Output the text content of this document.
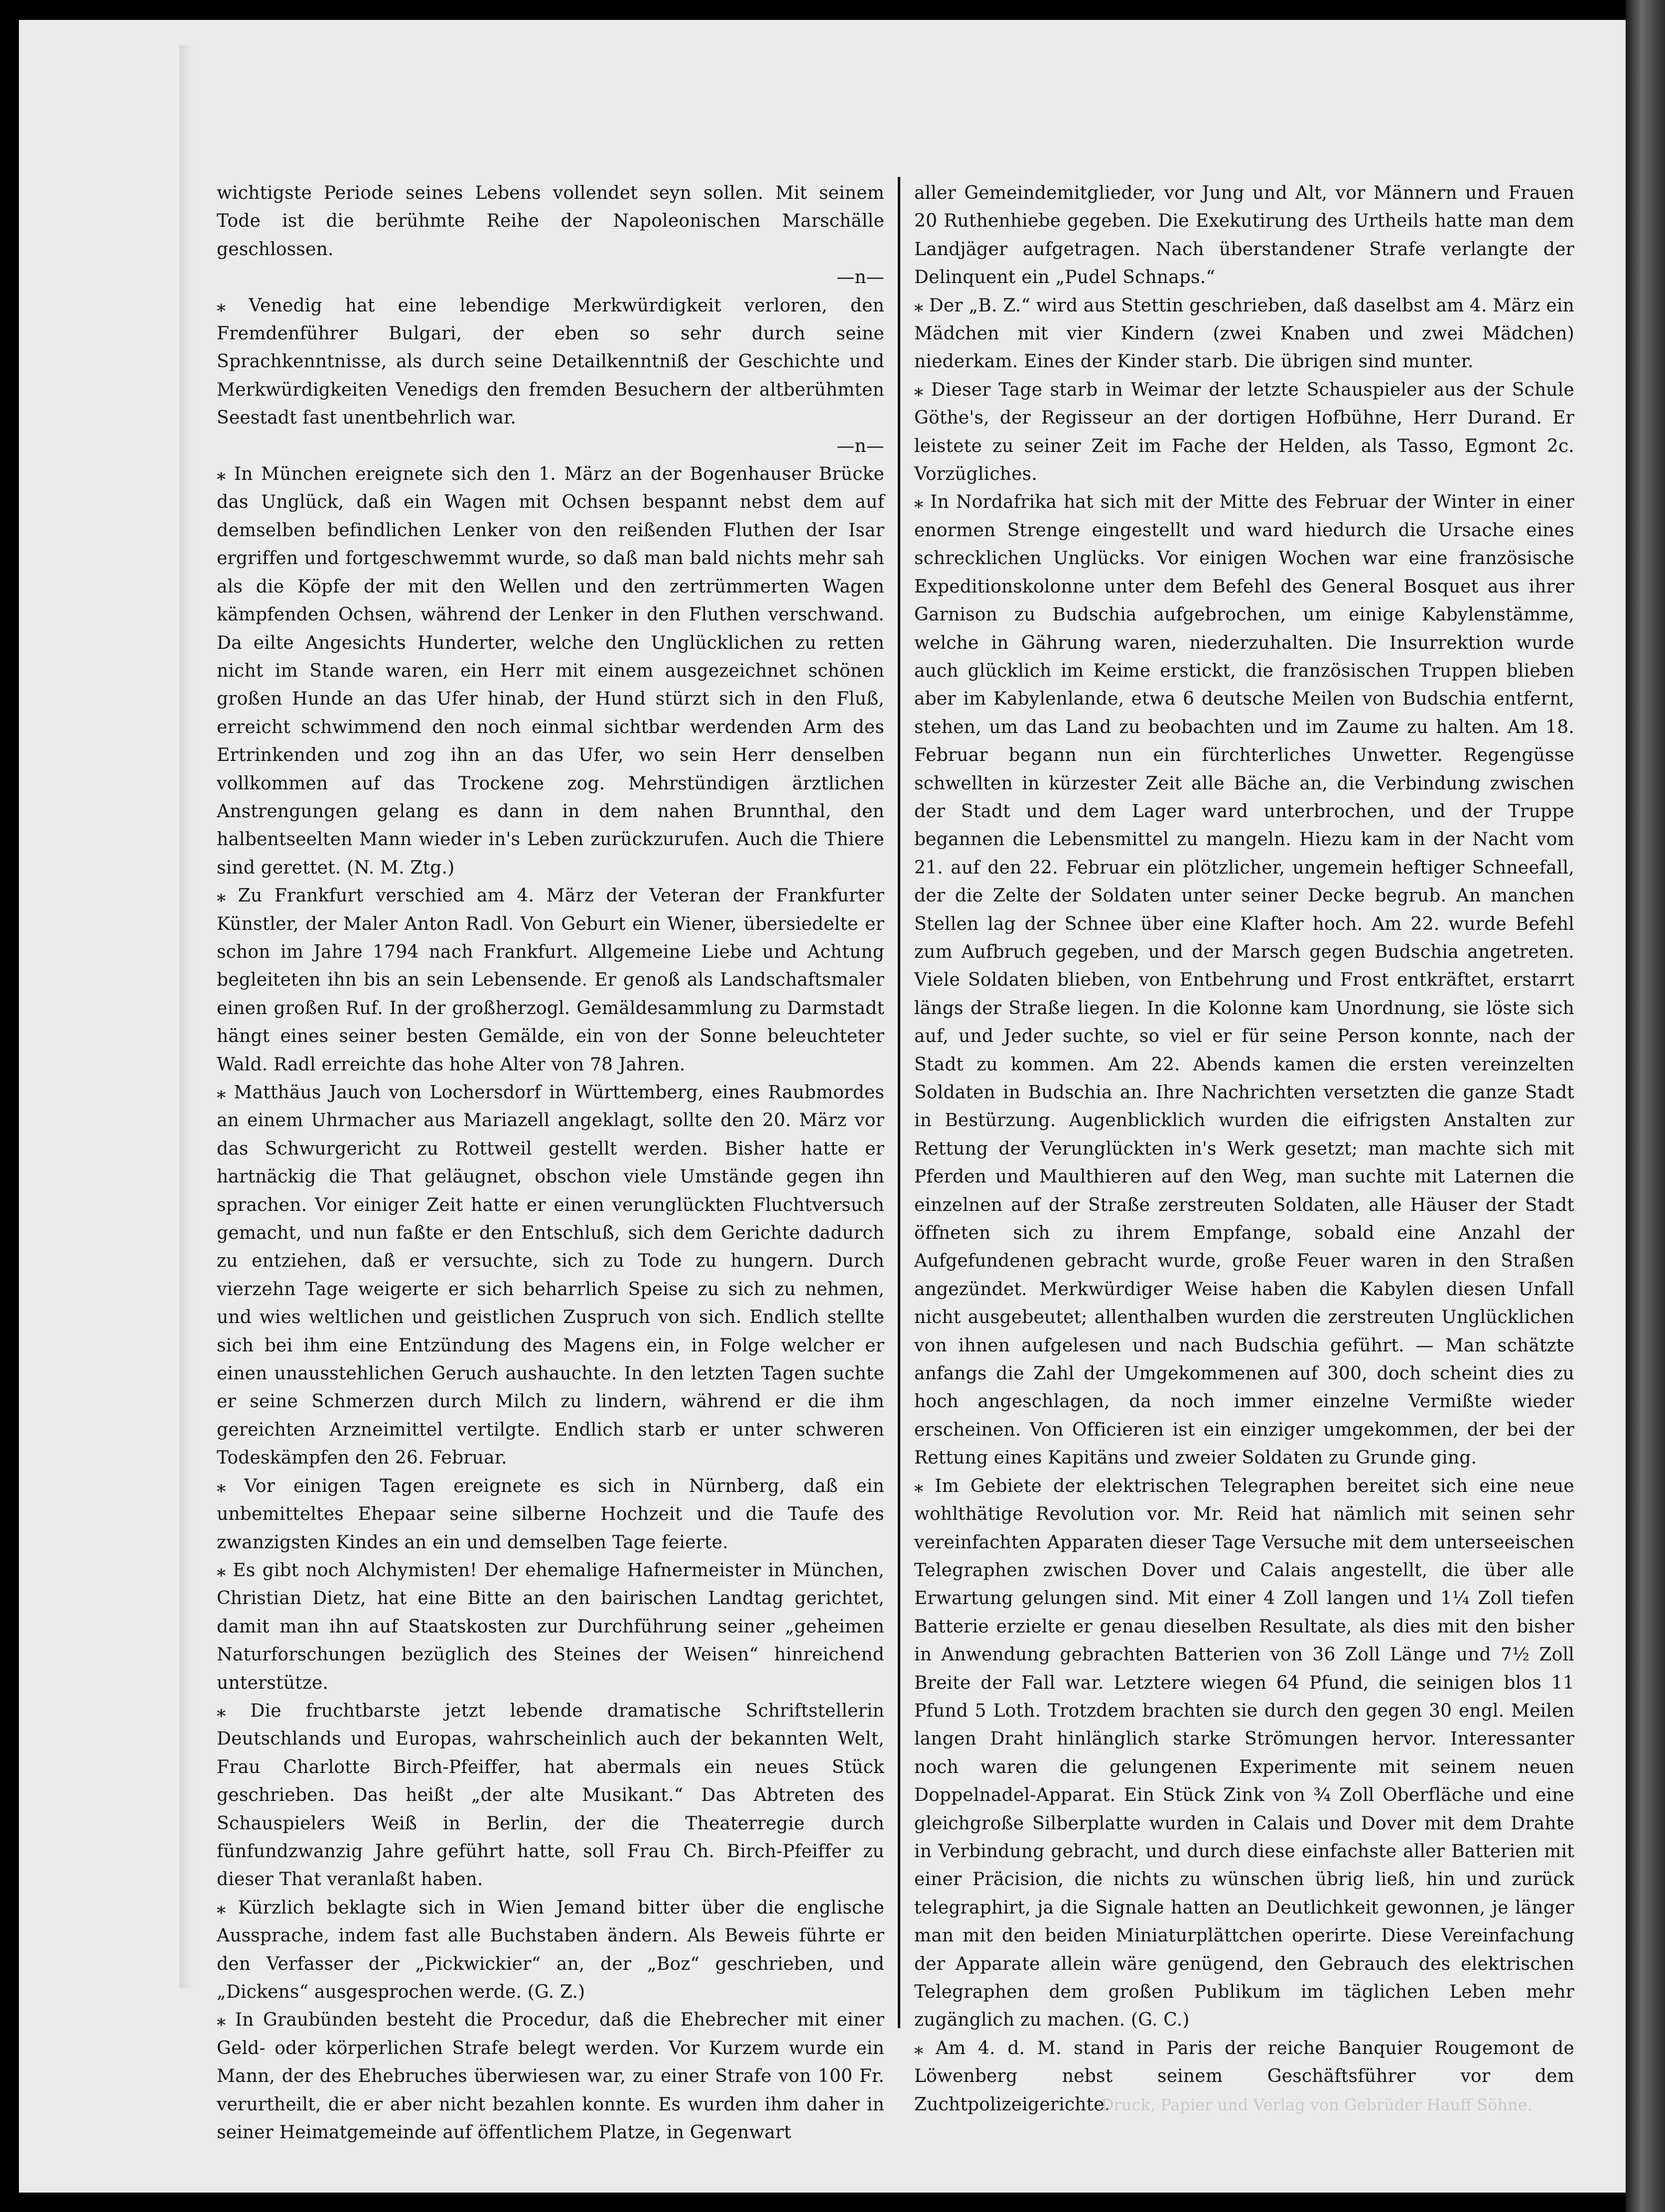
wichtigste Periode seines Lebens vollendet seyn sollen. Mit seinem Tode ist die berühmte Reihe der Napoleonischen Marschälle geschlossen.

—n—

⁎ Venedig hat eine lebendige Merkwürdigkeit verloren, den Fremdenführer Bulgari, der eben so sehr durch seine Sprachkenntnisse, als durch seine Detailkenntniß der Geschichte und Merkwürdigkeiten Venedigs den fremden Besuchern der altberühmten Seestadt fast unentbehrlich war.

—n—

⁎ In München ereignete sich den 1. März an der Bogenhauser Brücke das Unglück, daß ein Wagen mit Ochsen bespannt nebst dem auf demselben befindlichen Lenker von den reißenden Fluthen der Isar ergriffen und fortgeschwemmt wurde, so daß man bald nichts mehr sah als die Köpfe der mit den Wellen und den zertrümmerten Wagen kämpfenden Ochsen, während der Lenker in den Fluthen verschwand. Da eilte Angesichts Hunderter, welche den Unglücklichen zu retten nicht im Stande waren, ein Herr mit einem ausgezeichnet schönen großen Hunde an das Ufer hinab, der Hund stürzt sich in den Fluß, erreicht schwimmend den noch einmal sichtbar werdenden Arm des Ertrinkenden und zog ihn an das Ufer, wo sein Herr denselben vollkommen auf das Trockene zog. Mehrstündigen ärztlichen Anstrengungen gelang es dann in dem nahen Brunnthal, den halbentseelten Mann wieder in's Leben zurückzurufen. Auch die Thiere sind gerettet. (N. M. Ztg.)

⁎ Zu Frankfurt verschied am 4. März der Veteran der Frankfurter Künstler, der Maler Anton Radl. Von Geburt ein Wiener, übersiedelte er schon im Jahre 1794 nach Frankfurt. Allgemeine Liebe und Achtung begleiteten ihn bis an sein Lebensende. Er genoß als Landschaftsmaler einen großen Ruf. In der großherzogl. Gemäldesammlung zu Darmstadt hängt eines seiner besten Gemälde, ein von der Sonne beleuchteter Wald. Radl erreichte das hohe Alter von 78 Jahren.

⁎ Matthäus Jauch von Lochersdorf in Württemberg, eines Raubmordes an einem Uhrmacher aus Mariazell angeklagt, sollte den 20. März vor das Schwurgericht zu Rottweil gestellt werden. Bisher hatte er hartnäckig die That geläugnet, obschon viele Umstände gegen ihn sprachen. Vor einiger Zeit hatte er einen verunglückten Fluchtversuch gemacht, und nun faßte er den Entschluß, sich dem Gerichte dadurch zu entziehen, daß er versuchte, sich zu Tode zu hungern. Durch vierzehn Tage weigerte er sich beharrlich Speise zu sich zu nehmen, und wies weltlichen und geistlichen Zuspruch von sich. Endlich stellte sich bei ihm eine Entzündung des Magens ein, in Folge welcher er einen unausstehlichen Geruch aushauchte. In den letzten Tagen suchte er seine Schmerzen durch Milch zu lindern, während er die ihm gereichten Arzneimittel vertilgte. Endlich starb er unter schweren Todeskämpfen den 26. Februar.

⁎ Vor einigen Tagen ereignete es sich in Nürnberg, daß ein unbemitteltes Ehepaar seine silberne Hochzeit und die Taufe des zwanzigsten Kindes an ein und demselben Tage feierte.

⁎ Es gibt noch Alchymisten! Der ehemalige Hafnermeister in München, Christian Dietz, hat eine Bitte an den bairischen Landtag gerichtet, damit man ihn auf Staatskosten zur Durchführung seiner „geheimen Naturforschungen bezüglich des Steines der Weisen“ hinreichend unterstütze.

⁎ Die fruchtbarste jetzt lebende dramatische Schriftstellerin Deutschlands und Europas, wahrscheinlich auch der bekannten Welt, Frau Charlotte Birch-Pfeiffer, hat abermals ein neues Stück geschrieben. Das heißt „der alte Musikant.“ Das Abtreten des Schauspielers Weiß in Berlin, der die Theaterregie durch fünfundzwanzig Jahre geführt hatte, soll Frau Ch. Birch-Pfeiffer zu dieser That veranlaßt haben.

⁎ Kürzlich beklagte sich in Wien Jemand bitter über die englische Aussprache, indem fast alle Buchstaben ändern. Als Beweis führte er den Verfasser der „Pickwickier“ an, der „Boz“ geschrieben, und „Dickens“ ausgesprochen werde. (G. Z.)

⁎ In Graubünden besteht die Procedur, daß die Ehebrecher mit einer Geld- oder körperlichen Strafe belegt werden. Vor Kurzem wurde ein Mann, der des Ehebruches überwiesen war, zu einer Strafe von 100 Fr. verurtheilt, die er aber nicht bezahlen konnte. Es wurden ihm daher in seiner Heimatgemeinde auf öffentlichem Platze, in Gegenwart

aller Gemeindemitglieder, vor Jung und Alt, vor Männern und Frauen 20 Ruthenhiebe gegeben. Die Exekutirung des Urtheils hatte man dem Landjäger aufgetragen. Nach überstandener Strafe verlangte der Delinquent ein „Pudel Schnaps.“

⁎ Der „B. Z.“ wird aus Stettin geschrieben, daß daselbst am 4. März ein Mädchen mit vier Kindern (zwei Knaben und zwei Mädchen) niederkam. Eines der Kinder starb. Die übrigen sind munter.

⁎ Dieser Tage starb in Weimar der letzte Schauspieler aus der Schule Göthe's, der Regisseur an der dortigen Hofbühne, Herr Durand. Er leistete zu seiner Zeit im Fache der Helden, als Tasso, Egmont 2c. Vorzügliches.

⁎ In Nordafrika hat sich mit der Mitte des Februar der Winter in einer enormen Strenge eingestellt und ward hiedurch die Ursache eines schrecklichen Unglücks. Vor einigen Wochen war eine französische Expeditionskolonne unter dem Befehl des General Bosquet aus ihrer Garnison zu Budschia aufgebrochen, um einige Kabylenstämme, welche in Gährung waren, niederzuhalten. Die Insurrektion wurde auch glücklich im Keime erstickt, die französischen Truppen blieben aber im Kabylenlande, etwa 6 deutsche Meilen von Budschia entfernt, stehen, um das Land zu beobachten und im Zaume zu halten. Am 18. Februar begann nun ein fürchterliches Unwetter. Regengüsse schwellten in kürzester Zeit alle Bäche an, die Verbindung zwischen der Stadt und dem Lager ward unterbrochen, und der Truppe begannen die Lebensmittel zu mangeln. Hiezu kam in der Nacht vom 21. auf den 22. Februar ein plötzlicher, ungemein heftiger Schneefall, der die Zelte der Soldaten unter seiner Decke begrub. An manchen Stellen lag der Schnee über eine Klafter hoch. Am 22. wurde Befehl zum Aufbruch gegeben, und der Marsch gegen Budschia angetreten. Viele Soldaten blieben, von Entbehrung und Frost entkräftet, erstarrt längs der Straße liegen. In die Kolonne kam Unordnung, sie löste sich auf, und Jeder suchte, so viel er für seine Person konnte, nach der Stadt zu kommen. Am 22. Abends kamen die ersten vereinzelten Soldaten in Budschia an. Ihre Nachrichten versetzten die ganze Stadt in Bestürzung. Augenblicklich wurden die eifrigsten Anstalten zur Rettung der Verunglückten in's Werk gesetzt; man machte sich mit Pferden und Maulthieren auf den Weg, man suchte mit Laternen die einzelnen auf der Straße zerstreuten Soldaten, alle Häuser der Stadt öffneten sich zu ihrem Empfange, sobald eine Anzahl der Aufgefundenen gebracht wurde, große Feuer waren in den Straßen angezündet. Merkwürdiger Weise haben die Kabylen diesen Unfall nicht ausgebeutet; allenthalben wurden die zerstreuten Unglücklichen von ihnen aufgelesen und nach Budschia geführt. — Man schätzte anfangs die Zahl der Umgekommenen auf 300, doch scheint dies zu hoch angeschlagen, da noch immer einzelne Vermißte wieder erscheinen. Von Officieren ist ein einziger umgekommen, der bei der Rettung eines Kapitäns und zweier Soldaten zu Grunde ging.

⁎ Im Gebiete der elektrischen Telegraphen bereitet sich eine neue wohlthätige Revolution vor. Mr. Reid hat nämlich mit seinen sehr vereinfachten Apparaten dieser Tage Versuche mit dem unterseeischen Telegraphen zwischen Dover und Calais angestellt, die über alle Erwartung gelungen sind. Mit einer 4 Zoll langen und 1¼ Zoll tiefen Batterie erzielte er genau dieselben Resultate, als dies mit den bisher in Anwendung gebrachten Batterien von 36 Zoll Länge und 7½ Zoll Breite der Fall war. Letztere wiegen 64 Pfund, die seinigen blos 11 Pfund 5 Loth. Trotzdem brachten sie durch den gegen 30 engl. Meilen langen Draht hinlänglich starke Strömungen hervor. Interessanter noch waren die gelungenen Experimente mit seinem neuen Doppelnadel-Apparat. Ein Stück Zink von ¾ Zoll Oberfläche und eine gleichgroße Silberplatte wurden in Calais und Dover mit dem Drahte in Verbindung gebracht, und durch diese einfachste aller Batterien mit einer Präcision, die nichts zu wünschen übrig ließ, hin und zurück telegraphirt, ja die Signale hatten an Deutlichkeit gewonnen, je länger man mit den beiden Miniaturplättchen operirte. Diese Vereinfachung der Apparate allein wäre genügend, den Gebrauch des elektrischen Telegraphen dem großen Publikum im täglichen Leben mehr zugänglich zu machen. (G. C.)

⁎ Am 4. d. M. stand in Paris der reiche Banquier Rougemont de Löwenberg nebst seinem Geschäftsführer vor dem Zuchtpolizeigerichte.

Druck, Papier und Verlag von Gebrüder Hauff Söhne.
